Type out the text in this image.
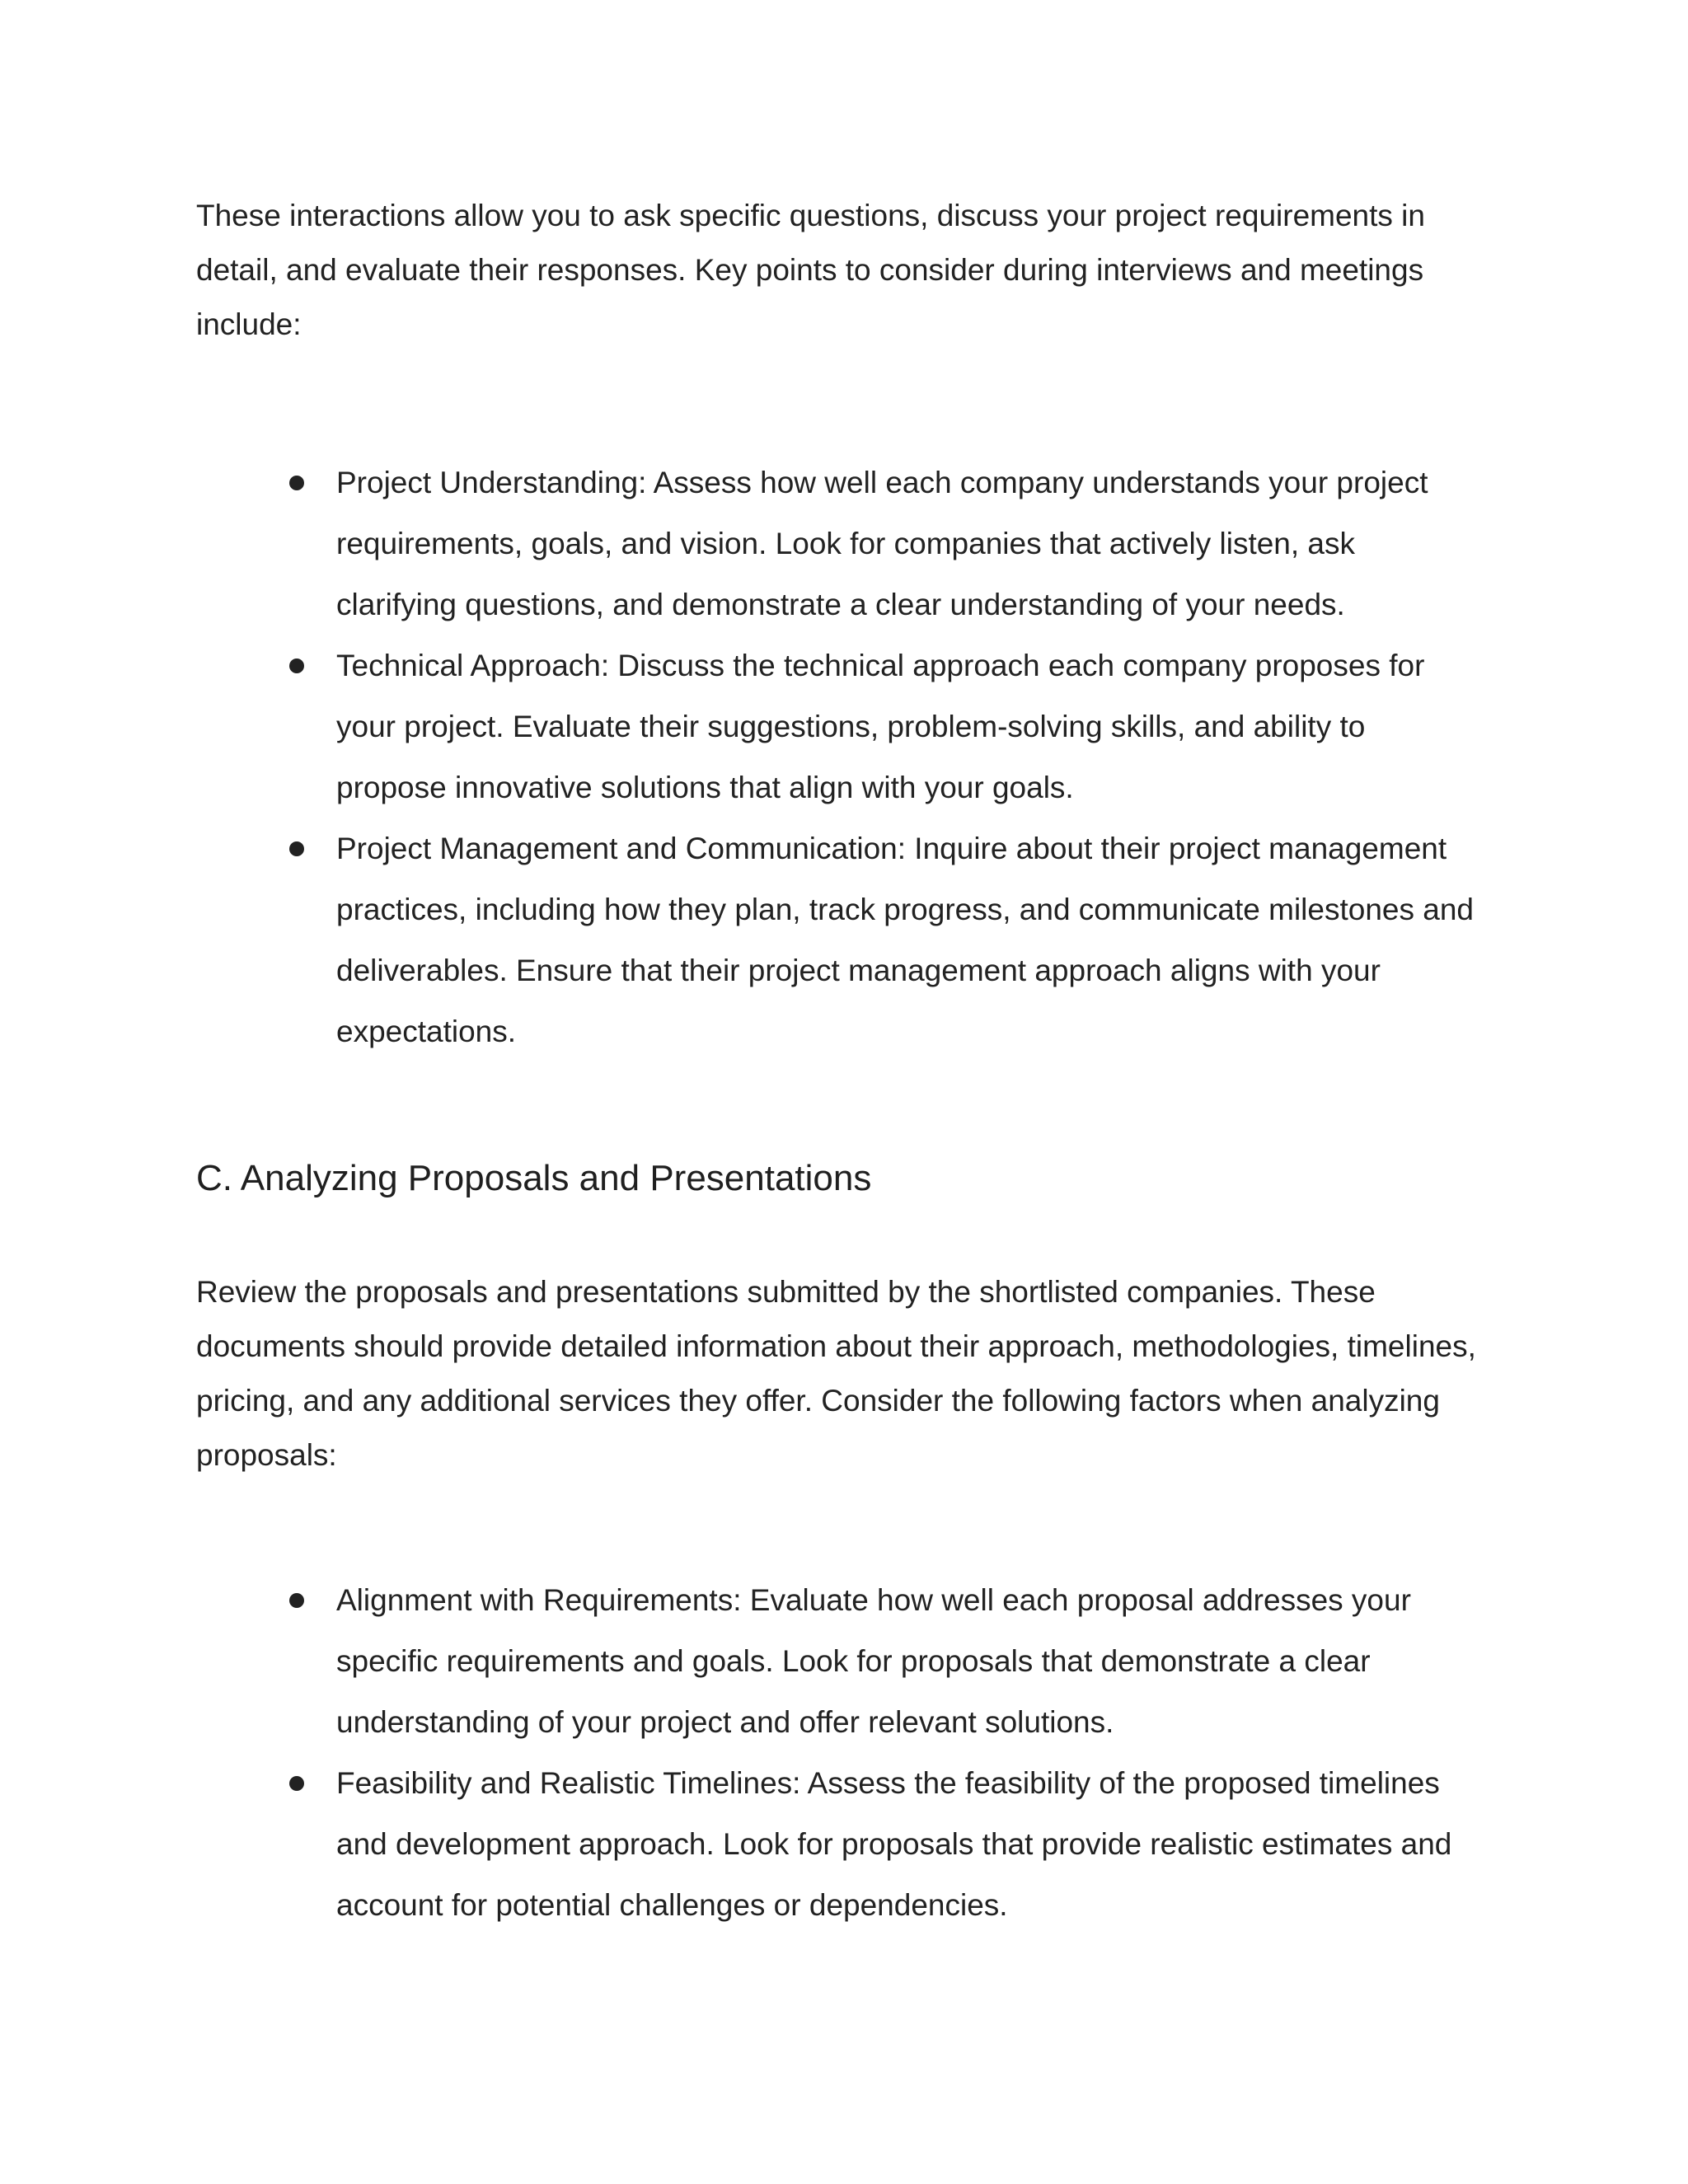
These interactions allow you to ask specific questions, discuss your project requirements in detail, and evaluate their responses. Key points to consider during interviews and meetings include:

Project Understanding: Assess how well each company understands your project requirements, goals, and vision. Look for companies that actively listen, ask clarifying questions, and demonstrate a clear understanding of your needs.
Technical Approach: Discuss the technical approach each company proposes for your project. Evaluate their suggestions, problem-solving skills, and ability to propose innovative solutions that align with your goals.
Project Management and Communication: Inquire about their project management practices, including how they plan, track progress, and communicate milestones and deliverables. Ensure that their project management approach aligns with your expectations.
C. Analyzing Proposals and Presentations

Review the proposals and presentations submitted by the shortlisted companies. These documents should provide detailed information about their approach, methodologies, timelines, pricing, and any additional services they offer. Consider the following factors when analyzing proposals:

Alignment with Requirements: Evaluate how well each proposal addresses your specific requirements and goals. Look for proposals that demonstrate a clear understanding of your project and offer relevant solutions.
Feasibility and Realistic Timelines: Assess the feasibility of the proposed timelines and development approach. Look for proposals that provide realistic estimates and account for potential challenges or dependencies.
